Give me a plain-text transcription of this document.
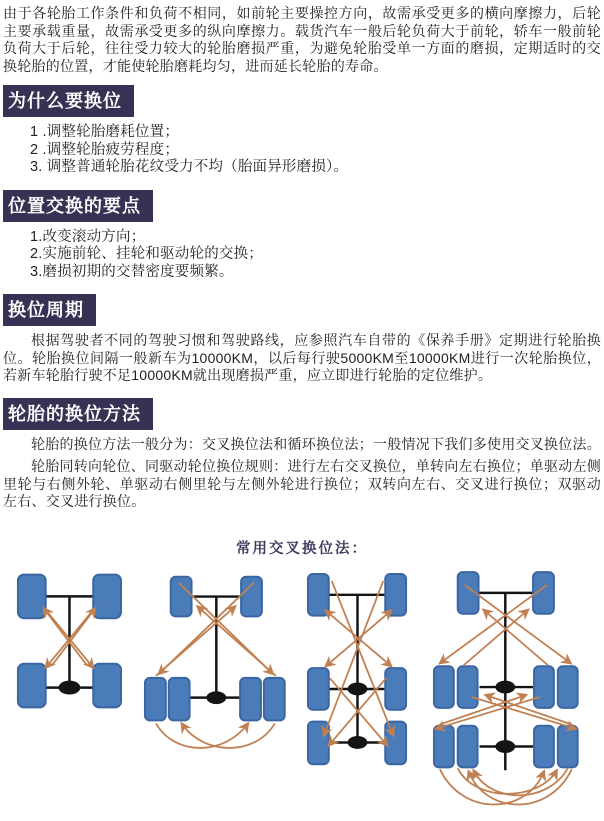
由于各轮胎工作条件和负荷不相同，如前轮主要操控方向，故需承受更多的横向摩擦力，后轮主要承载重量，故需承受更多的纵向摩擦力。载货汽车一般后轮负荷大于前轮，轿车一般前轮负荷大于后轮，往往受力较大的轮胎磨损严重，为避免轮胎受单一方面的磨损，定期适时的交换轮胎的位置，才能使轮胎磨耗均匀，进而延长轮胎的寿命。

为什么要换位
1 .调整轮胎磨耗位置；
2 .调整轮胎疲劳程度；
3. 调整普通轮胎花纹受力不均（胎面异形磨损）。
位置交换的要点
1.改变滚动方向；
2.实施前轮、挂轮和驱动轮的交换；
3.磨损初期的交替密度要频繁。
换位周期

根据驾驶者不同的驾驶习惯和驾驶路线，应参照汽车自带的《保养手册》定期进行轮胎换位。轮胎换位间隔一般新车为10000KM，以后每行驶5000KM至10000KM进行一次轮胎换位，若新车轮胎行驶不足10000KM就出现磨损严重，应立即进行轮胎的定位维护。

轮胎的换位方法

轮胎的换位方法一般分为：交叉换位法和循环换位法；一般情况下我们多使用交叉换位法。

轮胎同转向轮位、同驱动轮位换位规则：进行左右交叉换位，单转向左右换位；单驱动左侧里轮与右侧外轮、单驱动右侧里轮与左侧外轮进行换位；双转向左右、交叉进行换位；双驱动左右、交叉进行换位。

常用交叉换位法：
